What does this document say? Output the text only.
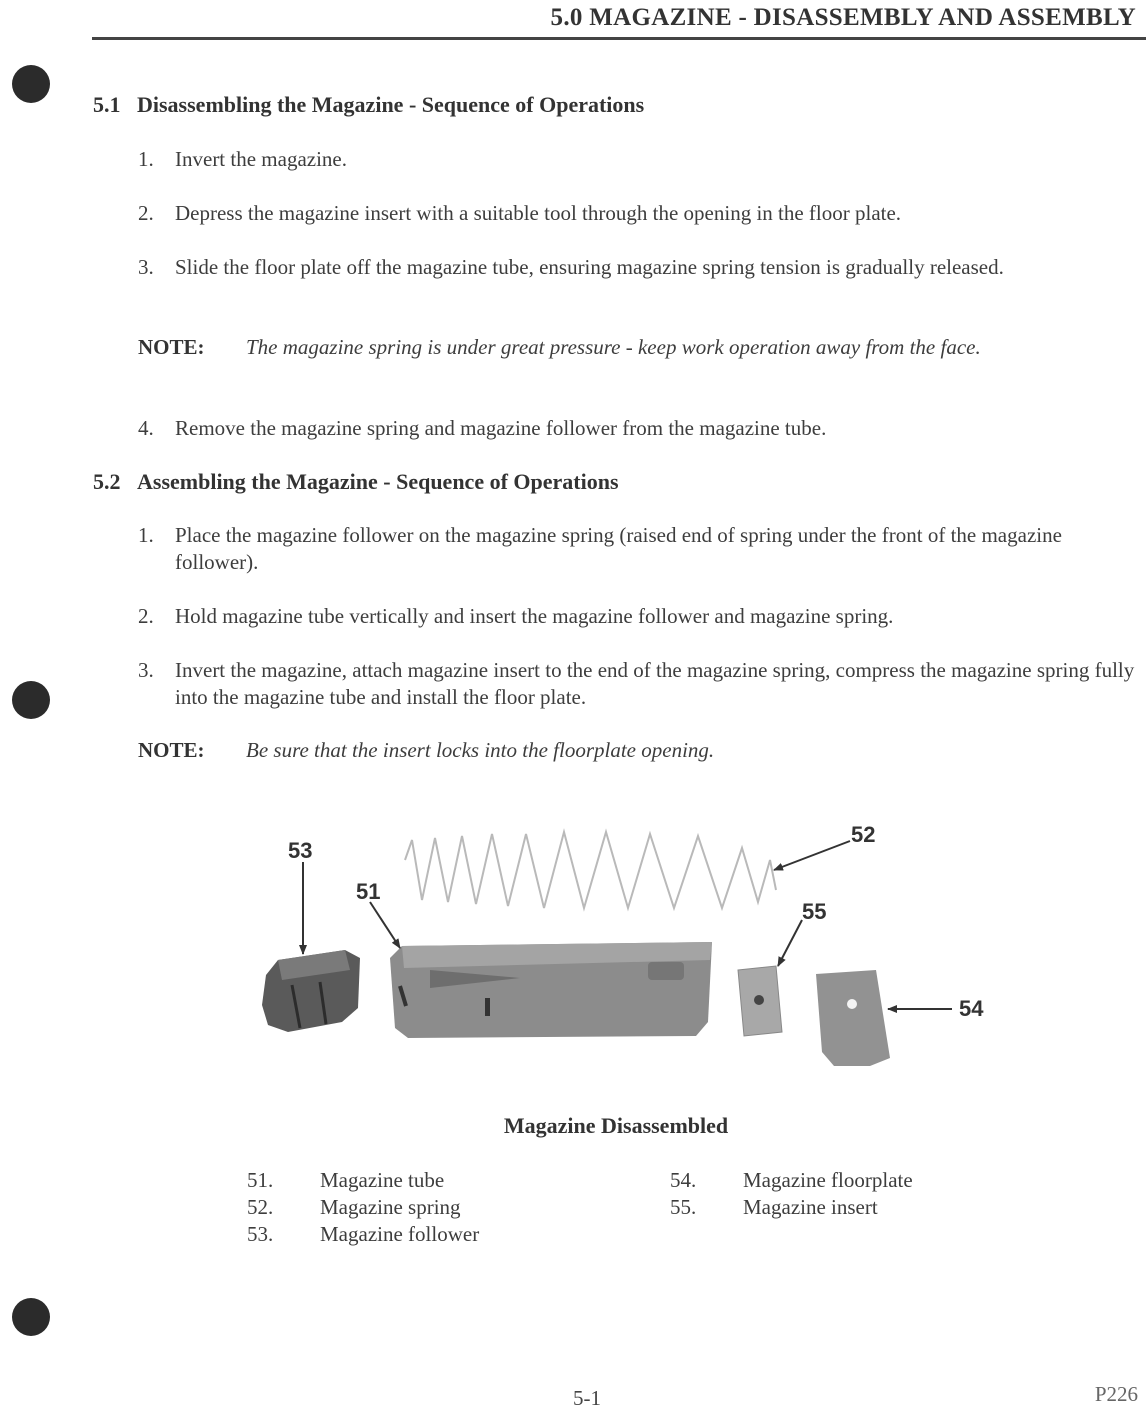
5.0 MAGAZINE - DISASSEMBLY AND ASSEMBLY
5.1 Disassembling the Magazine - Sequence of Operations
1. Invert the magazine.
2. Depress the magazine insert with a suitable tool through the opening in the floor plate.
3. Slide the floor plate off the magazine tube, ensuring magazine spring tension is gradually released.
NOTE: The magazine spring is under great pressure - keep work operation away from the face.
4. Remove the magazine spring and magazine follower from the magazine tube.
5.2 Assembling the Magazine - Sequence of Operations
1. Place the magazine follower on the magazine spring (raised end of spring under the front of the magazine follower).
2. Hold magazine tube vertically and insert the magazine follower and magazine spring.
3. Invert the magazine, attach magazine insert to the end of the magazine spring, compress the magazine spring fully into the magazine tube and install the floor plate.
NOTE: Be sure that the insert locks into the floorplate opening.
53
51
52
55
54
Magazine Disassembled
51. Magazine tube
52. Magazine spring
53. Magazine follower
54. Magazine floorplate
55. Magazine insert
5-1	P226
